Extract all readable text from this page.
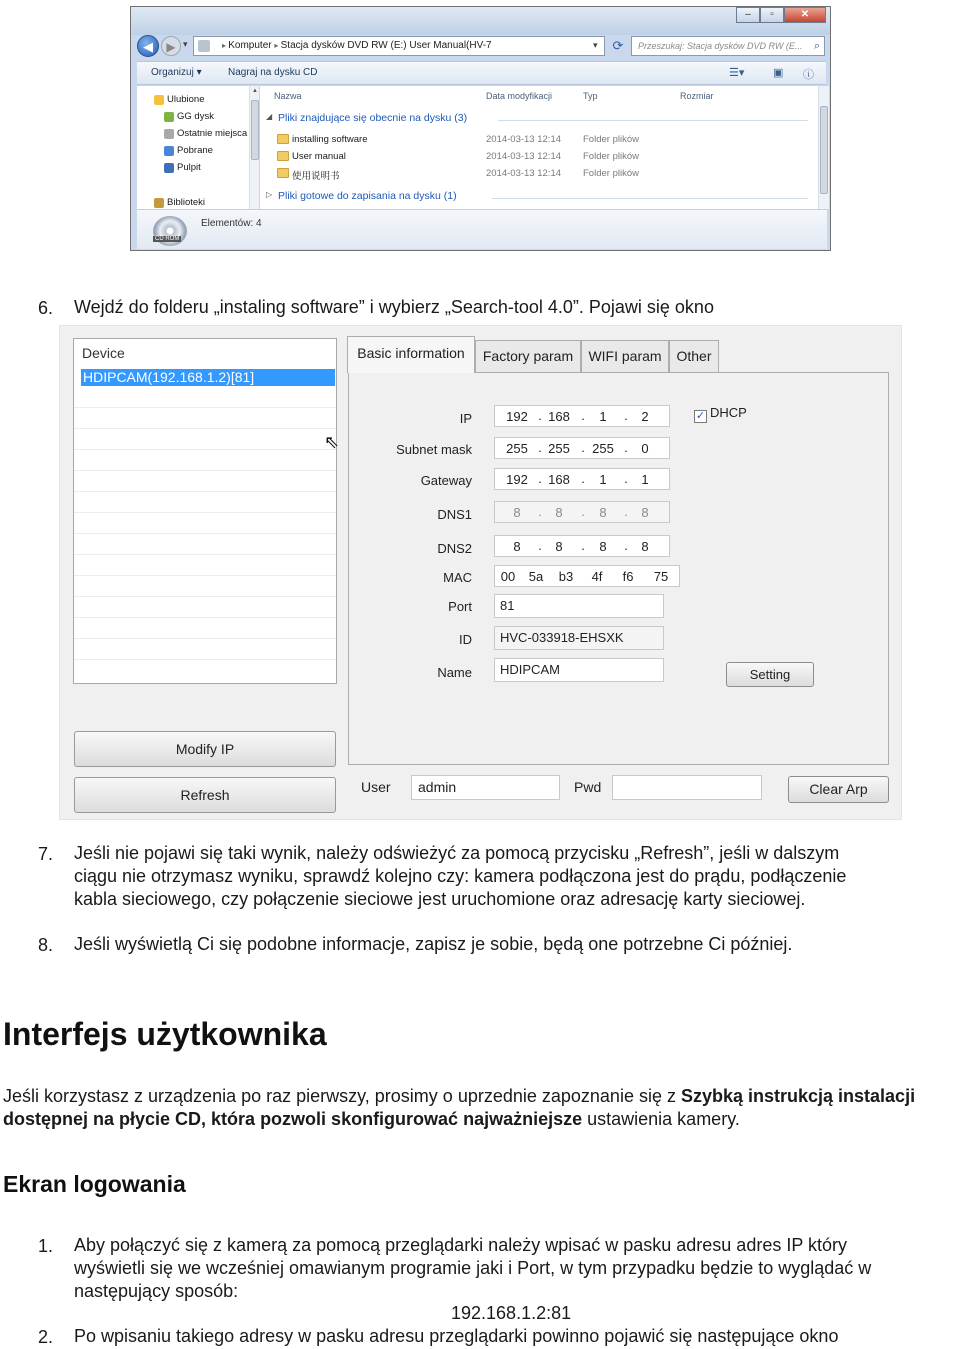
–	▫	✕
◀	▶ ▾	▸ Komputer ▸ Stacja dysków DVD RW (E:) User Manual(HV-7	▾	⟳	Przeszukaj: Stacja dysków DVD RW (E... ⌕
Organizuj ▾	Nagraj na dysku CD	☰▾	▣ ⓘ
Ulubione
GG dysk
Ostatnie miejsca
Pobrane
Pulpit
Biblioteki
▲ Nazwa	Data modyfikacji	Typ	Rozmiar
◢ Pliki znajdujące się obecnie na dysku (3)
installing software	2014-03-13 12:14 Folder plików
User manual	2014-03-13 12:14 Folder plików
使用说明书	2014-03-13 12:14 Folder plików
▷ Pliki gotowe do zapisania na dysku (1)
CD ROM
Elementów: 4
6. Wejdź do folderu „instaling software” i wybierz „Search-tool 4.0”. Pojawi się okno
Device
HDIPCAM(192.168.1.2)[81]
⇖
Modify IP
Refresh
Basic information	Factory param	WIFI param	Other
IP	192 . 168 .	1	.	2	✓ DHCP
Subnet mask	255 . 255 . 255 .	0
Gateway	192 . 168 .	1	.	1
DNS1	8	.	8	.	8	.	8
DNS2	8	.	8	.	8	.	8
MAC	00	5a	b3	4f	f6	75
Port	81
ID	HVC-033918-EHSXK
Name	HDIPCAM	Setting
User	admin	Pwd	Clear Arp
7. Jeśli nie pojawi się taki wynik, należy odświeżyć za pomocą przycisku „Refresh”, jeśli w dalszym
ciągu nie otrzymasz wyniku, sprawdź kolejno czy: kamera podłączona jest do prądu, podłączenie
kabla sieciowego, czy połączenie sieciowe jest uruchomione oraz adresację karty sieciowej.
8. Jeśli wyświetlą Ci się podobne informacje, zapisz je sobie, będą one potrzebne Ci później.
Interfejs użytkownika
Jeśli korzystasz z urządzenia po raz pierwszy, prosimy o uprzednie zapoznanie się z Szybką instrukcją instalacji dostępnej na płycie CD, która pozwoli skonfigurować najważniejsze ustawienia kamery.
Ekran logowania
1. Aby połączyć się z kamerą za pomocą przeglądarki należy wpisać w pasku adresu adres IP który
wyświetli się we wcześniej omawianym programie jaki i Port, w tym przypadku będzie to wyglądać w
następujący sposób:
192.168.1.2:81
2. Po wpisaniu takiego adresy w pasku adresu przeglądarki powinno pojawić się następujące okno
